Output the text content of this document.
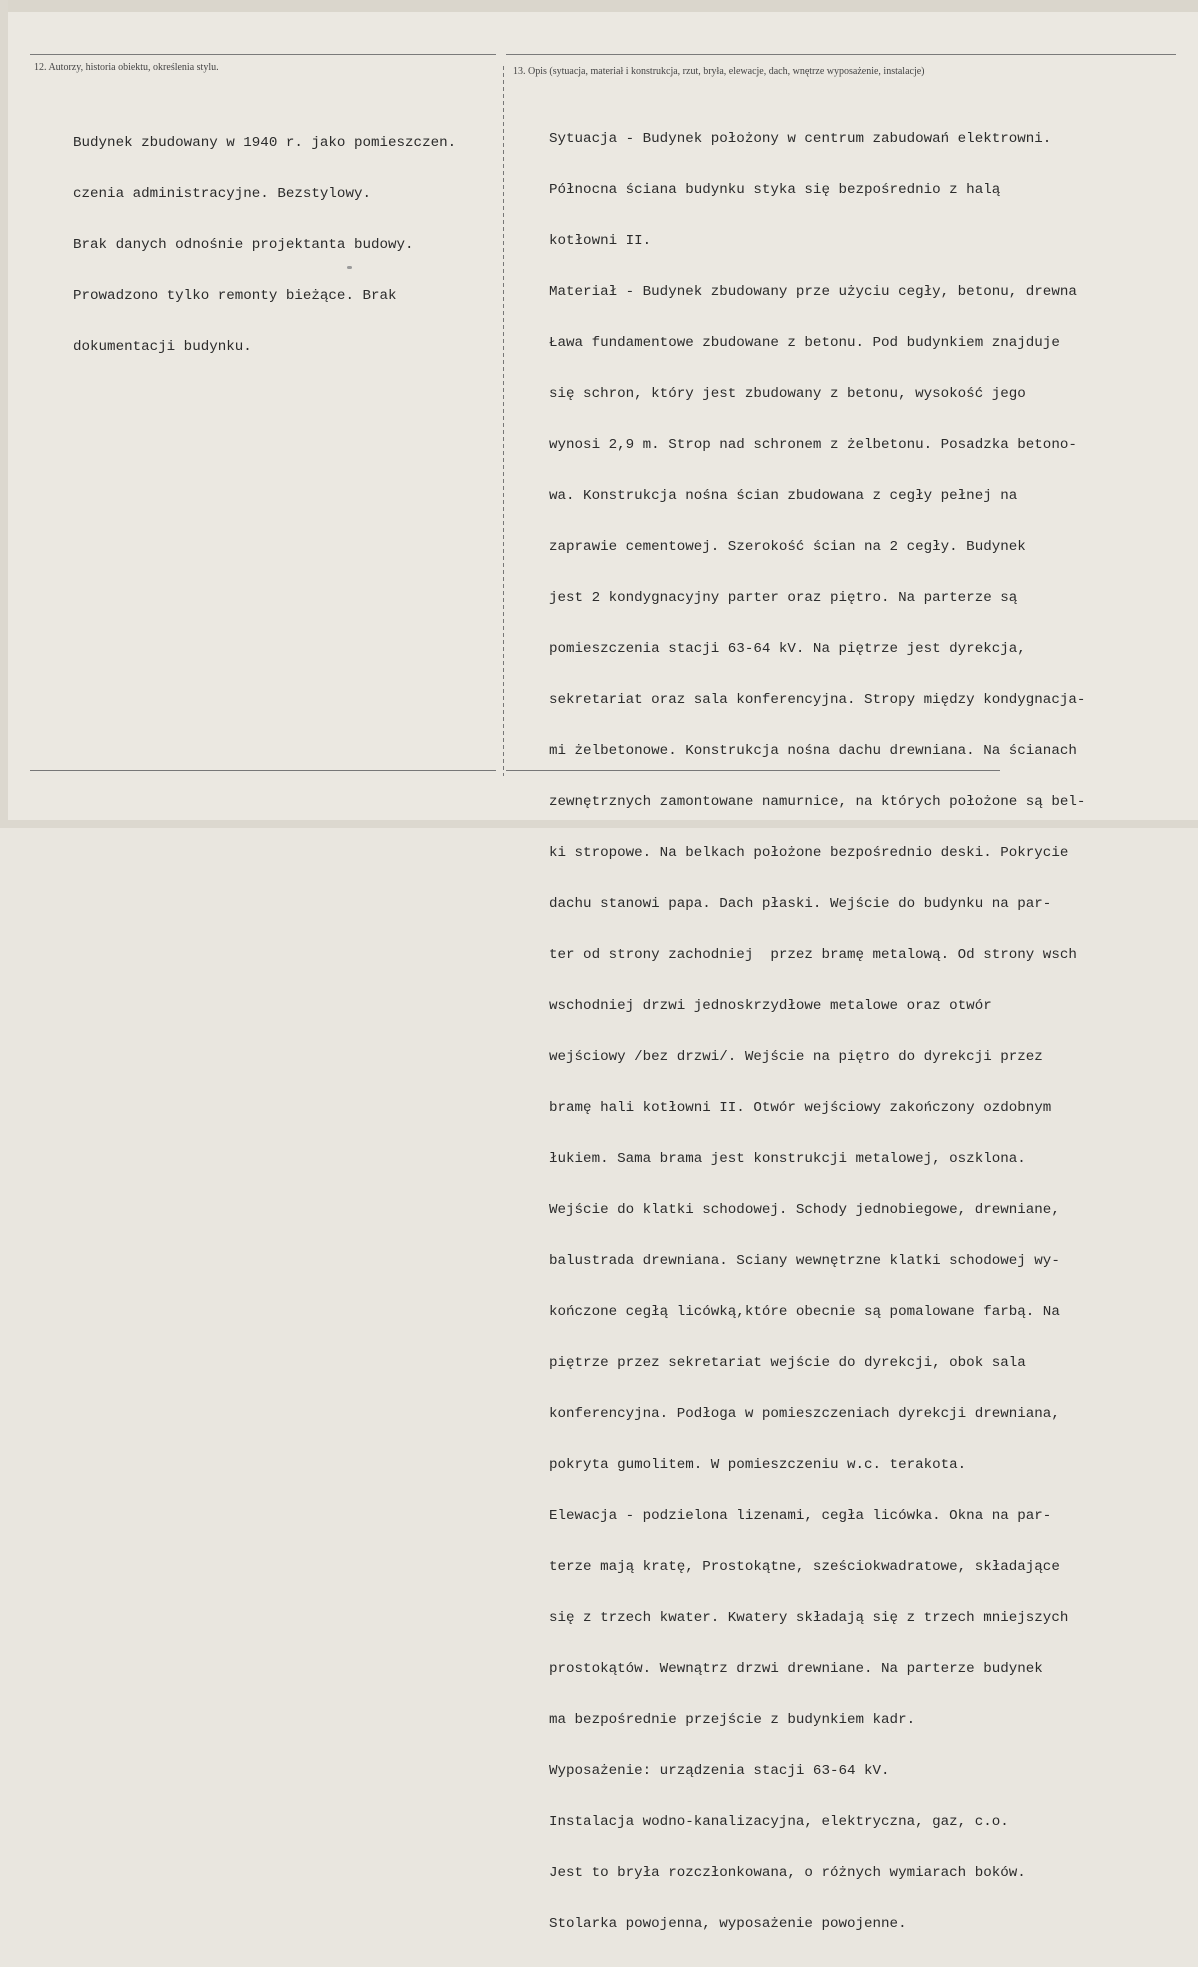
12. Autorzy, historia obiektu, określenia stylu.	13. Opis (sytuacja, materiał i konstrukcja, rzut, bryła, elewacje, dach, wnętrze wyposażenie, instalacje)

Budynek zbudowany w 1940 r. jako pomieszczen.

czenia administracyjne. Bezstylowy.

Brak danych odnośnie projektanta budowy.

Prowadzono tylko remonty bieżące. Brak

dokumentacji budynku.

Sytuacja - Budynek położony w centrum zabudowań elektrowni.

Północna ściana budynku styka się bezpośrednio z halą

kotłowni II.

Materiał - Budynek zbudowany prze użyciu cegły, betonu, drewna

Ława fundamentowe zbudowane z betonu. Pod budynkiem znajduje

się schron, który jest zbudowany z betonu, wysokość jego

wynosi 2,9 m. Strop nad schronem z żelbetonu. Posadzka betono-

wa. Konstrukcja nośna ścian zbudowana z cegły pełnej na

zaprawie cementowej. Szerokość ścian na 2 cegły. Budynek

jest 2 kondygnacyjny parter oraz piętro. Na parterze są

pomieszczenia stacji 63-64 kV. Na piętrze jest dyrekcja,

sekretariat oraz sala konferencyjna. Stropy między kondygnacja-

mi żelbetonowe. Konstrukcja nośna dachu drewniana. Na ścianach

zewnętrznych zamontowane namurnice, na których położone są bel-

ki stropowe. Na belkach położone bezpośrednio deski. Pokrycie

dachu stanowi papa. Dach płaski. Wejście do budynku na par-

ter od strony zachodniej  przez bramę metalową. Od strony wsch

wschodniej drzwi jednoskrzydłowe metalowe oraz otwór

wejściowy /bez drzwi/. Wejście na piętro do dyrekcji przez

bramę hali kotłowni II. Otwór wejściowy zakończony ozdobnym

łukiem. Sama brama jest konstrukcji metalowej, oszklona.

Wejście do klatki schodowej. Schody jednobiegowe, drewniane,

balustrada drewniana. Sciany wewnętrzne klatki schodowej wy-

kończone cegłą licówką,które obecnie są pomalowane farbą. Na

piętrze przez sekretariat wejście do dyrekcji, obok sala

konferencyjna. Podłoga w pomieszczeniach dyrekcji drewniana,

pokryta gumolitem. W pomieszczeniu w.c. terakota.

Elewacja - podzielona lizenami, cegła licówka. Okna na par-

terze mają kratę, Prostokątne, sześciokwadratowe, składające

się z trzech kwater. Kwatery składają się z trzech mniejszych

prostokątów. Wewnątrz drzwi drewniane. Na parterze budynek

ma bezpośrednie przejście z budynkiem kadr.

Wyposażenie: urządzenia stacji 63-64 kV.

Instalacja wodno-kanalizacyjna, elektryczna, gaz, c.o.

Jest to bryła rozczłonkowana, o różnych wymiarach boków.

Stolarka powojenna, wyposażenie powojenne.
